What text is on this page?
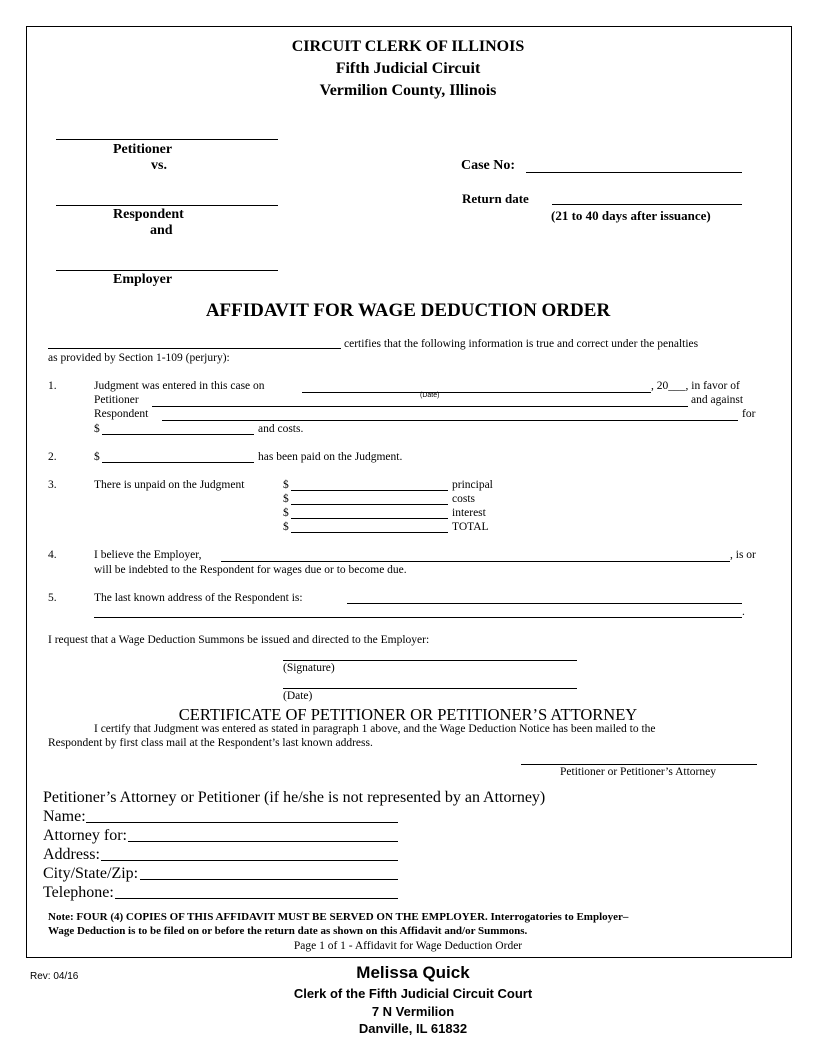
CIRCUIT CLERK OF ILLINOIS
Fifth Judicial Circuit
Vermilion County, Illinois
Petitioner
vs.
Respondent
and
Employer
Case No:
Return date
(21 to 40 days after issuance)
AFFIDAVIT FOR WAGE DEDUCTION ORDER
certifies that the following information is true and correct under the penalties
as provided by Section 1-109 (perjury):
1.	Judgment was entered in this case on
(Date)
, 20___, in favor of
Petitioner	and against
Respondent	for
$	and costs.
2.	$	has been paid on the Judgment.
3.	There is unpaid on the Judgment	$	principal
$	costs
$	interest
$	TOTAL
4.	I believe the Employer,	, is or
will be indebted to the Respondent for wages due or to become due.
5.	The last known address of the Respondent is:
.
I request that a Wage Deduction Summons be issued and directed to the Employer:
(Signature)
(Date)
CERTIFICATE OF PETITIONER OR PETITIONER’S ATTORNEY
I certify that Judgment was entered as stated in paragraph 1 above, and the Wage Deduction Notice has been mailed to the
Respondent by first class mail at the Respondent’s last known address.
Petitioner or Petitioner’s Attorney
Petitioner’s Attorney or Petitioner (if he/she is not represented by an Attorney)
Name:
Attorney for:
Address:
City/State/Zip:
Telephone:
Note: FOUR (4) COPIES OF THIS AFFIDAVIT MUST BE SERVED ON THE EMPLOYER. Interrogatories to Employer–
Wage Deduction is to be filed on or before the return date as shown on this Affidavit and/or Summons.
Page 1 of 1 - Affidavit for Wage Deduction Order
Rev: 04/16	Melissa Quick
Clerk of the Fifth Judicial Circuit Court
7 N Vermilion
Danville, IL 61832
